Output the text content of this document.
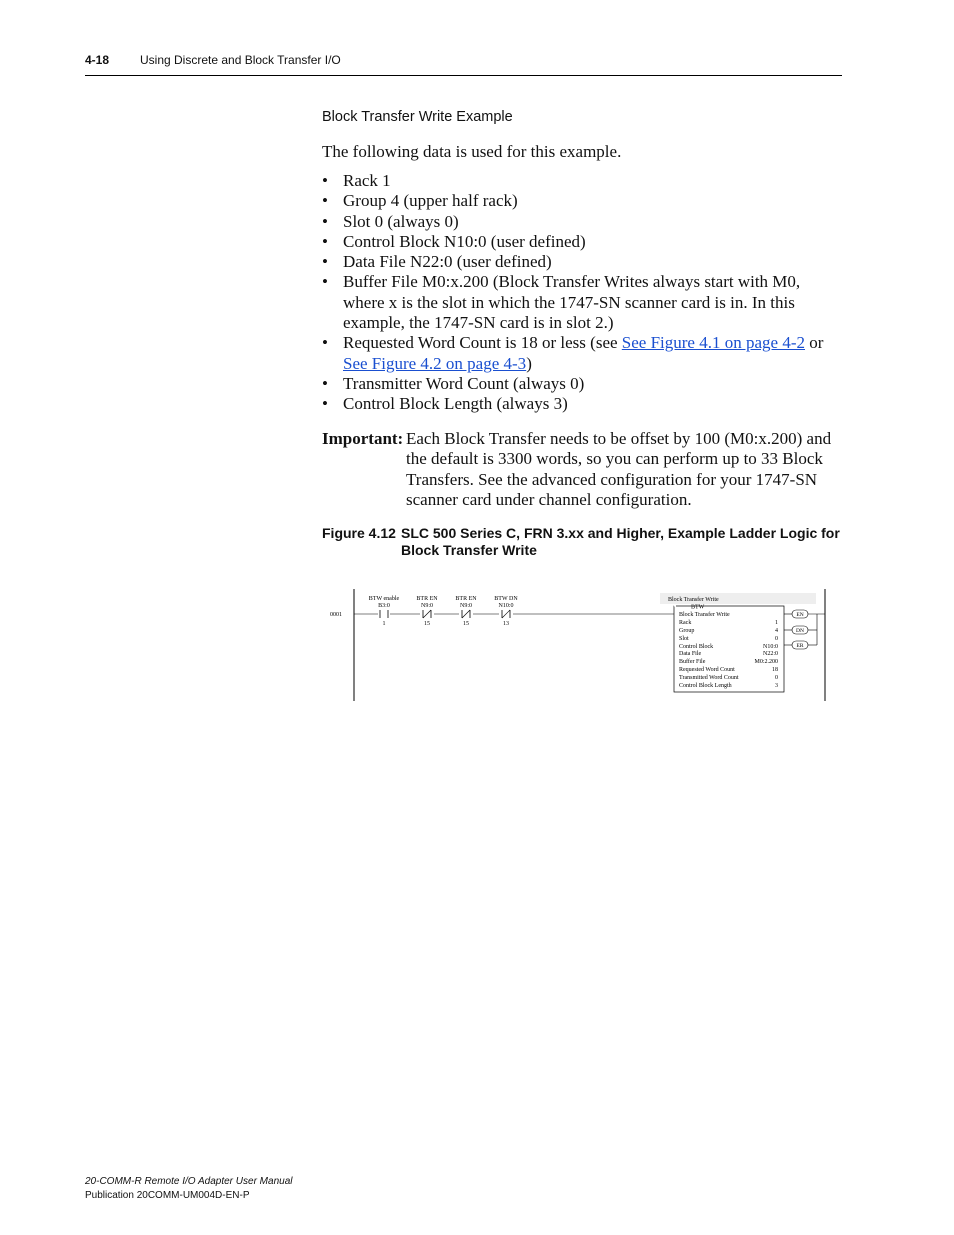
4-18	Using Discrete and Block Transfer I/O
Block Transfer Write Example
The following data is used for this example.
• Rack 1
• Group 4 (upper half rack)
• Slot 0 (always 0)
• Control Block N10:0 (user defined)
• Data File N22:0 (user defined)
• Buffer File M0:x.200 (Block Transfer Writes always start with M0, where x is the slot in which the 1747-SN scanner card is in. In this example, the 1747-SN card is in slot 2.)
• Requested Word Count is 18 or less (see See Figure 4.1 on page 4-2 or See Figure 4.2 on page 4-3)
• Transmitter Word Count (always 0)
• Control Block Length (always 3)
Important: Each Block Transfer needs to be offset by 100 (M0:x.200) and the default is 3300 words, so you can perform up to 33 Block Transfers. See the advanced configuration for your 1747-SN scanner card under channel configuration.
Figure 4.12 SLC 500 Series C, FRN 3.xx and Higher, Example Ladder Logic for Block Transfer Write
0001
BTW enable
B3:0
1
BTR EN
N9:0
15
BTR EN
N9:0
15
BTW DN
N10:0
13
Block Transfer Write
BTW
Block Transfer Write
Rack	1
Group	4
Slot	0
Control Block	N10:0
Data File	N22:0
Buffer File	M0:2.200
Requested Word Count	18
Transmitted Word Count	0
Control Block Length	3
EN
DN
ER
20-COMM-R Remote I/O Adapter User Manual
Publication 20COMM-UM004D-EN-P
